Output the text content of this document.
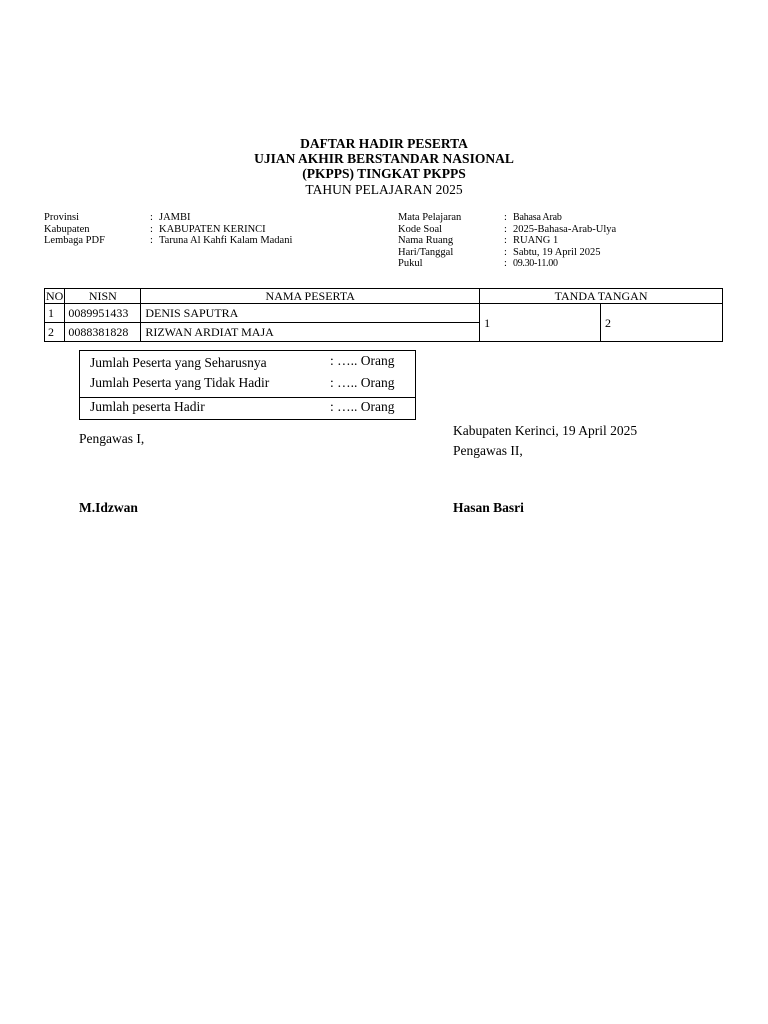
DAFTAR HADIR PESERTA
UJIAN AKHIR BERSTANDAR NASIONAL
(PKPPS) TINGKAT PKPPS
TAHUN PELAJARAN 2025
Provinsi	: JAMBI
Kabupaten	: KABUPATEN KERINCI
Lembaga PDF	: Taruna Al Kahfi Kalam Madani
Mata Pelajaran	: Bahasa Arab
Kode Soal	: 2025-Bahasa-Arab-Ulya
Nama Ruang	: RUANG 1
Hari/Tanggal	: Sabtu, 19 April 2025
Pukul	: 09.30-11.00
NO	NISN	NAMA PESERTA	TANDA TANGAN	
1	0089951433	DENIS SAPUTRA	1	2
2	0088381828	RIZWAN ARDIAT MAJA		
Jumlah Peserta yang Seharusnya	: ….. Orang
Jumlah Peserta yang Tidak Hadir	: ….. Orang
Jumlah peserta Hadir	: ….. Orang
Pengawas I,
Kabupaten Kerinci, 19 April 2025
Pengawas II,
M.Idzwan	Hasan Basri
